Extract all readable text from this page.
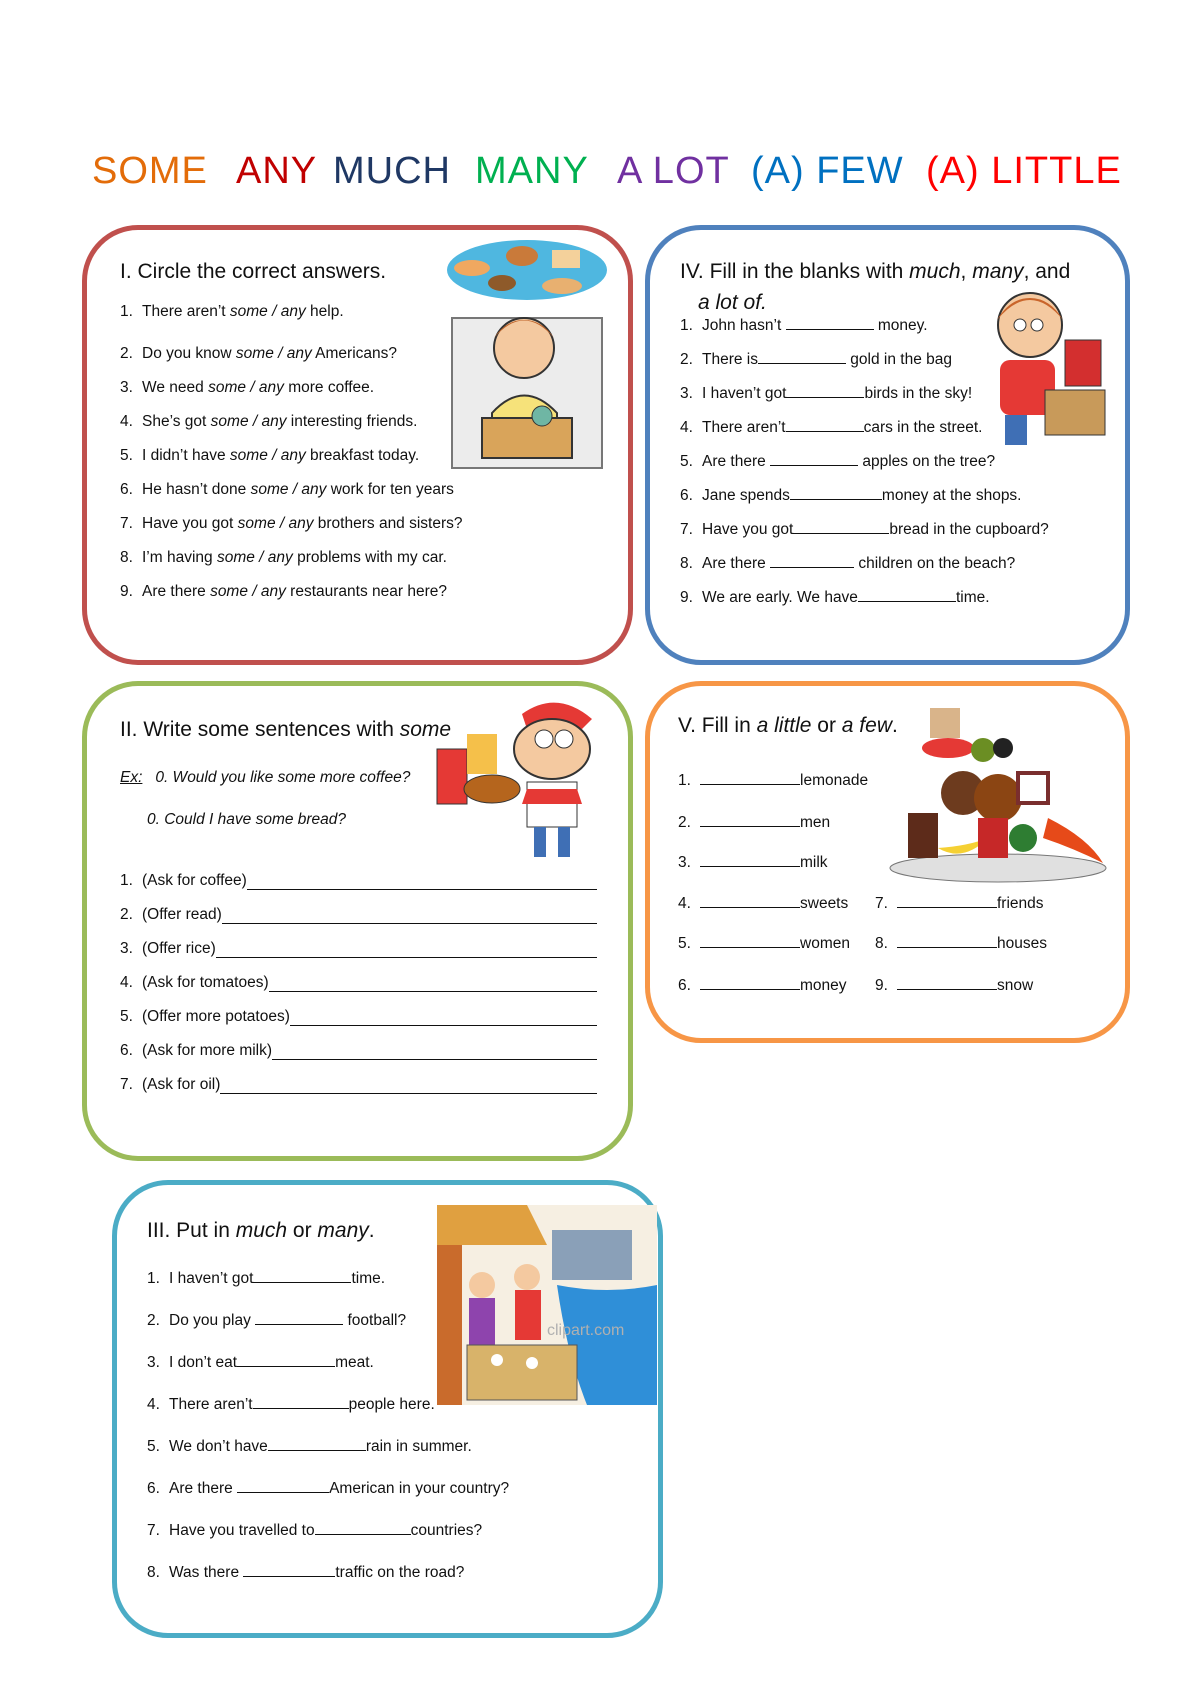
SOME ANY MUCH MANY A LOT (A) FEW (A) LITTLE
I. Circle the correct answers.
1. There aren’t some / any help.
2. Do you know some / any Americans?
3. We need some / any more coffee.
4. She’s got some / any interesting friends.
5. I didn’t have some / any breakfast today.
6. He hasn’t done some / any work for ten years
7. Have you got some / any brothers and sisters?
8. I’m having some / any problems with my car.
9. Are there some / any restaurants near here?
IV. Fill in the blanks with much, many, and
a lot of.
1. John hasn’t	money.
2. There is	gold in the bag
3. I haven’t got	birds in the sky!
4. There aren’t	cars in the street.
5. Are there	apples on the tree?
6. Jane spends	money at the shops.
7. Have you got	bread in the cupboard?
8. Are there	children on the beach?
9. We are early. We have	time.
II. Write some sentences with some
Ex: 0. Would you like some more coffee?
0. Could I have some bread?
1. (Ask for coffee)
2. (Offer read)
3. (Offer rice)
4. (Ask for tomatoes)
5. (Offer more potatoes)
6. (Ask for more milk)
7. (Ask for oil)
V. Fill in a little or a few.
1.	lemonade
2.	men
3.	milk
4.	sweets
5.	women
6.	money
7.	friends
8.	houses
9.	snow
III. Put in much or many.
1. I haven’t got	time.
2. Do you play	football?
3. I don’t eat	meat.
4. There aren’t	people here.
5. We don’t have	rain in summer.
6. Are there	American in your country?
7. Have you travelled to	countries?
8. Was there	traffic on the road?
clipart.com
